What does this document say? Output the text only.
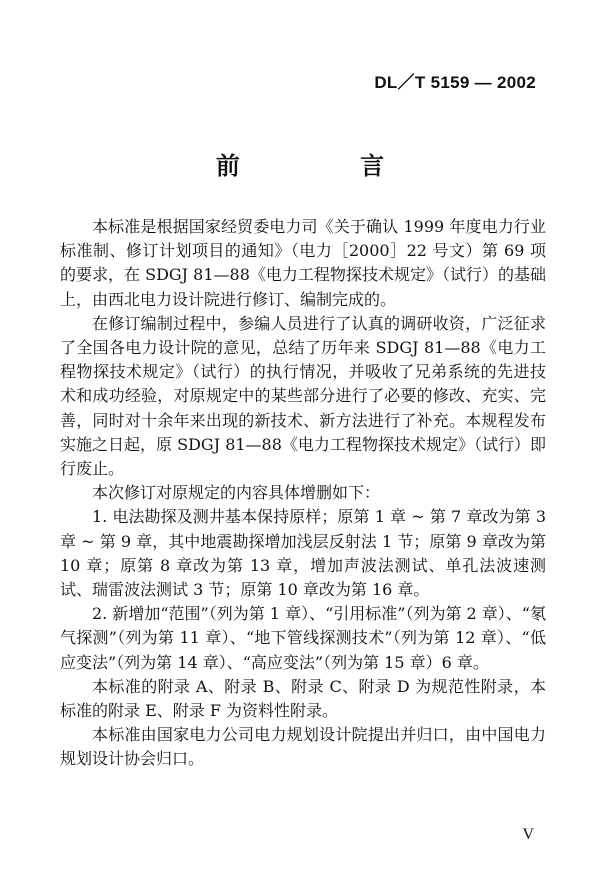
DL／T 5159 — 2002
前 言

本标准是根据国家经贸委电力司《关于确认 1999 年度电力行业标准制、修订计划项目的通知》（电力［2000］22 号文）第 69 项的要求，在 SDGJ 81—88《电力工程物探技术规定》（试行）的基础上，由西北电力设计院进行修订、编制完成的。

在修订编制过程中，参编人员进行了认真的调研收资，广泛征求了全国各电力设计院的意见，总结了历年来 SDGJ 81—88《电力工程物探技术规定》（试行）的执行情况，并吸收了兄弟系统的先进技术和成功经验，对原规定中的某些部分进行了必要的修改、充实、完善，同时对十余年来出现的新技术、新方法进行了补充。本规程发布实施之日起，原 SDGJ 81—88《电力工程物探技术规定》（试行）即行废止。

本次修订对原规定的内容具体增删如下：

1. 电法勘探及测井基本保持原样；原第 1 章 ~ 第 7 章改为第 3 章 ~ 第 9 章，其中地震勘探增加浅层反射法 1 节；原第 9 章改为第 10 章；原第 8 章改为第 13 章，增加声波法测试、单孔法波速测试、瑞雷波法测试 3 节；原第 10 章改为第 16 章。

2. 新增加“范围”（列为第 1 章）、“引用标准”（列为第 2 章）、“氡气探测”（列为第 11 章）、“地下管线探测技术”（列为第 12 章）、“低应变法”（列为第 14 章）、“高应变法”（列为第 15 章）6 章。

本标准的附录 A、附录 B、附录 C、附录 D 为规范性附录，本标准的附录 E、附录 F 为资料性附录。

本标准由国家电力公司电力规划设计院提出并归口，由中国电力规划设计协会归口。

V
